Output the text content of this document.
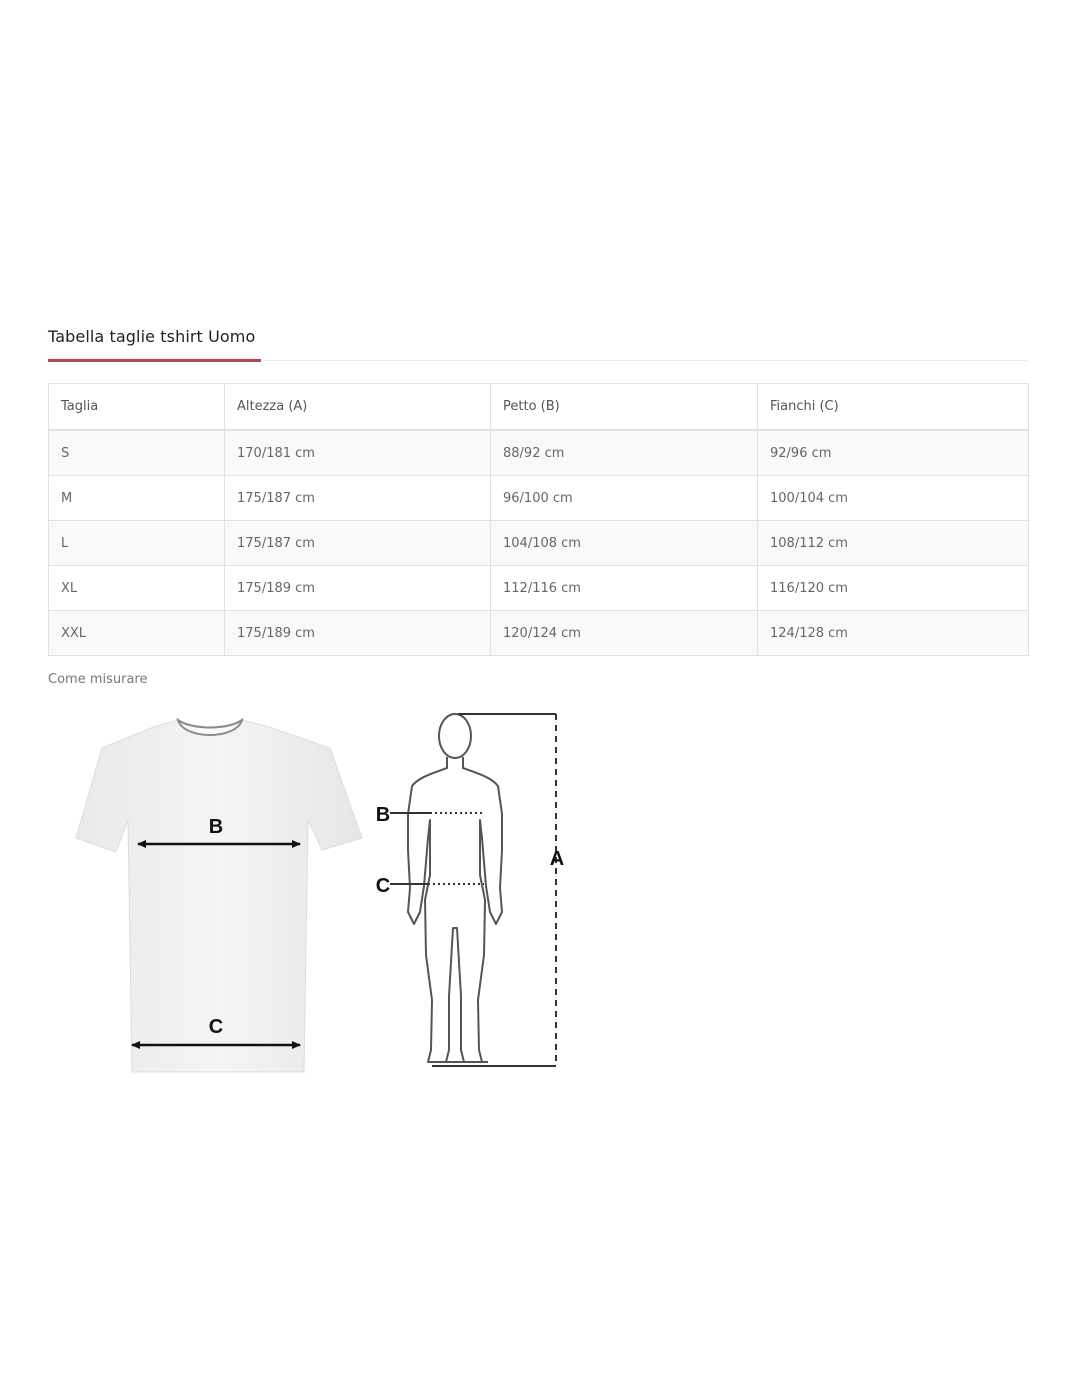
Tabella taglie tshirt Uomo
Taglia	Altezza (A)	Petto (B)	Fianchi (C)
S	170/181 cm	88/92 cm	92/96 cm
M	175/187 cm	96/100 cm	100/104 cm
L	175/187 cm	104/108 cm	108/112 cm
XL	175/189 cm	112/116 cm	116/120 cm
XXL	175/189 cm	120/124 cm	124/128 cm
Come misurare
B
C
B
C
A
